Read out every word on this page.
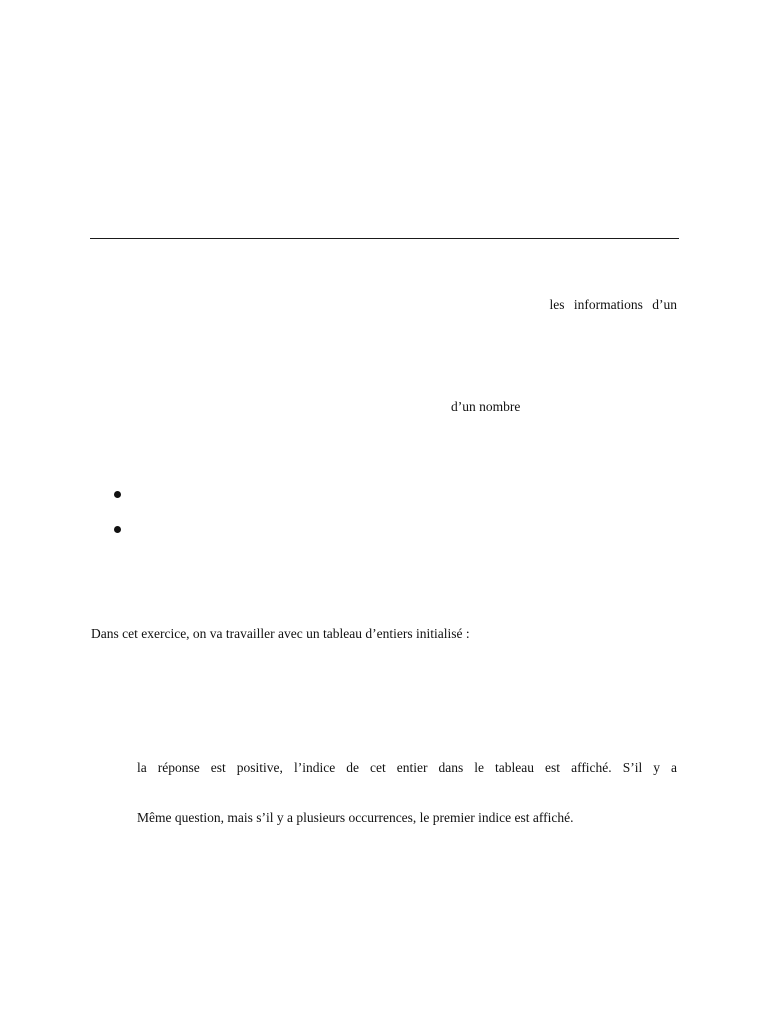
les informations d’un
d’un nombre
Dans cet exercice, on va travailler avec un tableau d’entiers initialisé :
la réponse est positive, l’indice de cet entier dans le tableau est affiché. S’il y a
Même question, mais s’il y a plusieurs occurrences, le premier indice est affiché.
